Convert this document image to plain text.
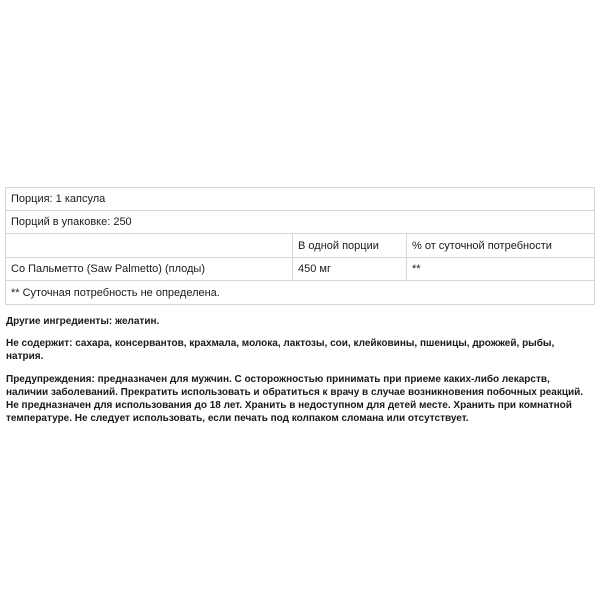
Порция: 1 капсула		
Порций в упаковке: 250		
	В одной порции	% от суточной потребности
Со Пальметто (Saw Palmetto) (плоды)	450 мг	**
** Суточная потребность не определена.		

Другие ингредиенты: желатин.

Не содержит: сахара, консервантов, крахмала, молока, лактозы, сои, клейковины, пшеницы, дрожжей, рыбы, натрия.

Предупреждения: предназначен для мужчин. С осторожностью принимать при приеме каких-либо лекарств, наличии заболеваний. Прекратить использовать и обратиться к врачу в случае возникновения побочных реакций. Не предназначен для использования до 18 лет. Хранить в недоступном для детей месте. Хранить при комнатной температуре. Не следует использовать, если печать под колпаком сломана или отсутствует.
